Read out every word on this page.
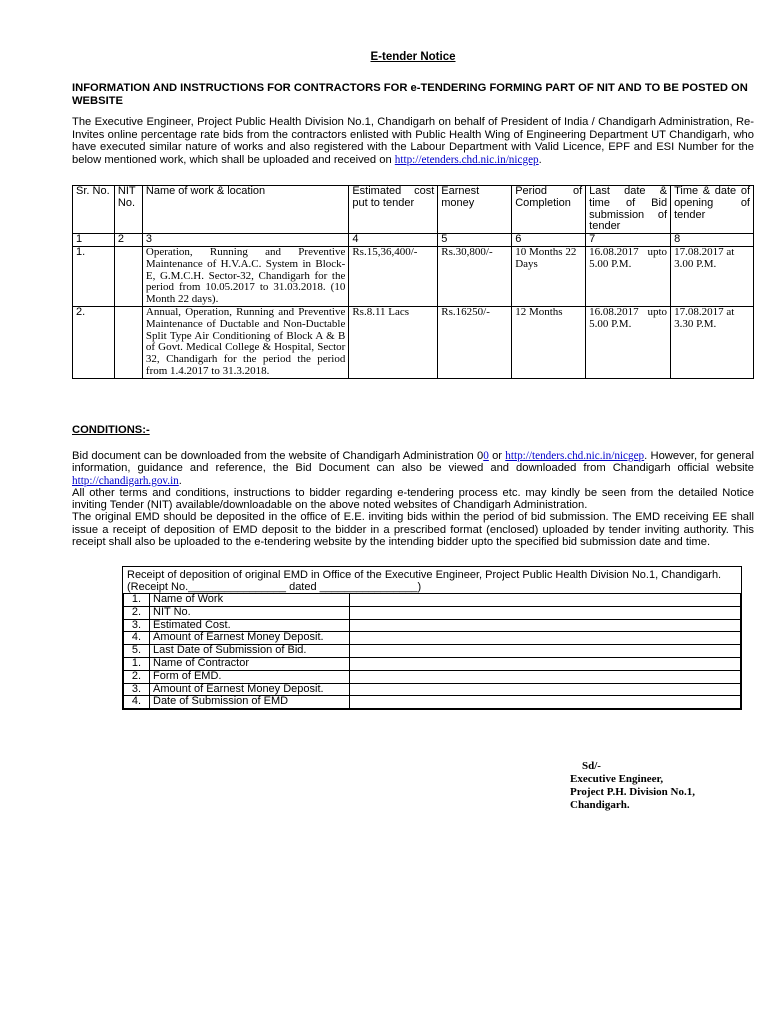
E-tender Notice
INFORMATION AND INSTRUCTIONS FOR CONTRACTORS FOR e-TENDERING FORMING PART OF NIT AND TO BE POSTED ON WEBSITE
The Executive Engineer, Project Public Health Division No.1, Chandigarh on behalf of President of India / Chandigarh Administration, Re-Invites online percentage rate bids from the contractors enlisted with Public Health Wing of Engineering Department UT Chandigarh, who have executed similar nature of works and also registered with the Labour Department with Valid Licence, EPF and ESI Number for the below mentioned work, which shall be uploaded and received on http://etenders.chd.nic.in/nicgep.
Sr. No.	NIT No.	Name of work & location	Estimated cost put to tender	Earnest money	Period of Completion	Last date & time of Bid submission of tender	Time & date of opening of tender
1	2	3	4	5	6	7	8
1.		Operation, Running and Preventive Maintenance of H.V.A.C. System in Block-E, G.M.C.H. Sector-32, Chandigarh for the period from 10.05.2017 to 31.03.2018. (10 Month 22 days).	Rs.15,36,400/-	Rs.30,800/-	10 Months 22 Days	16.08.2017 upto 5.00 P.M.	17.08.2017 at 3.00 P.M.
2.		Annual, Operation, Running and Preventive Maintenance of Ductable and Non-Ductable Split Type Air Conditioning of Block A & B of Govt. Medical College & Hospital, Sector 32, Chandigarh for the period the period from 1.4.2017 to 31.3.2018.	Rs.8.11 Lacs	Rs.16250/-	12 Months	16.08.2017 upto 5.00 P.M.	17.08.2017 at 3.30 P.M.
CONDITIONS:-

Bid document can be downloaded from the website of Chandigarh Administration 00 or http://tenders.chd.nic.in/nicgep. However, for general information, guidance and reference, the Bid Document can also be viewed and downloaded from Chandigarh official website http://chandigarh.gov.in.

All other terms and conditions, instructions to bidder regarding e-tendering process etc. may kindly be seen from the detailed Notice inviting Tender (NIT) available/downloadable on the above noted websites of Chandigarh Administration.

The original EMD should be deposited in the office of E.E. inviting bids within the period of bid submission. The EMD receiving EE shall issue a receipt of deposition of EMD deposit to the bidder in a prescribed format (enclosed) uploaded by tender inviting authority. This receipt shall also be uploaded to the e-tendering website by the intending bidder upto the specified bid submission date and time.

Receipt of deposition of original EMD in Office of the Executive Engineer, Project Public Health Division No.1, Chandigarh.
(Receipt No.________________ dated ________________)
1.	Name of Work	
2.	NIT No.	
3.	Estimated Cost.	
4.	Amount of Earnest Money Deposit.	
5.	Last Date of Submission of Bid.	
1.	Name of Contractor	
2.	Form of EMD.	
3.	Amount of Earnest Money Deposit.	
4.	Date of Submission of EMD	
Sd/-
Executive Engineer,
Project P.H. Division No.1,
Chandigarh.
